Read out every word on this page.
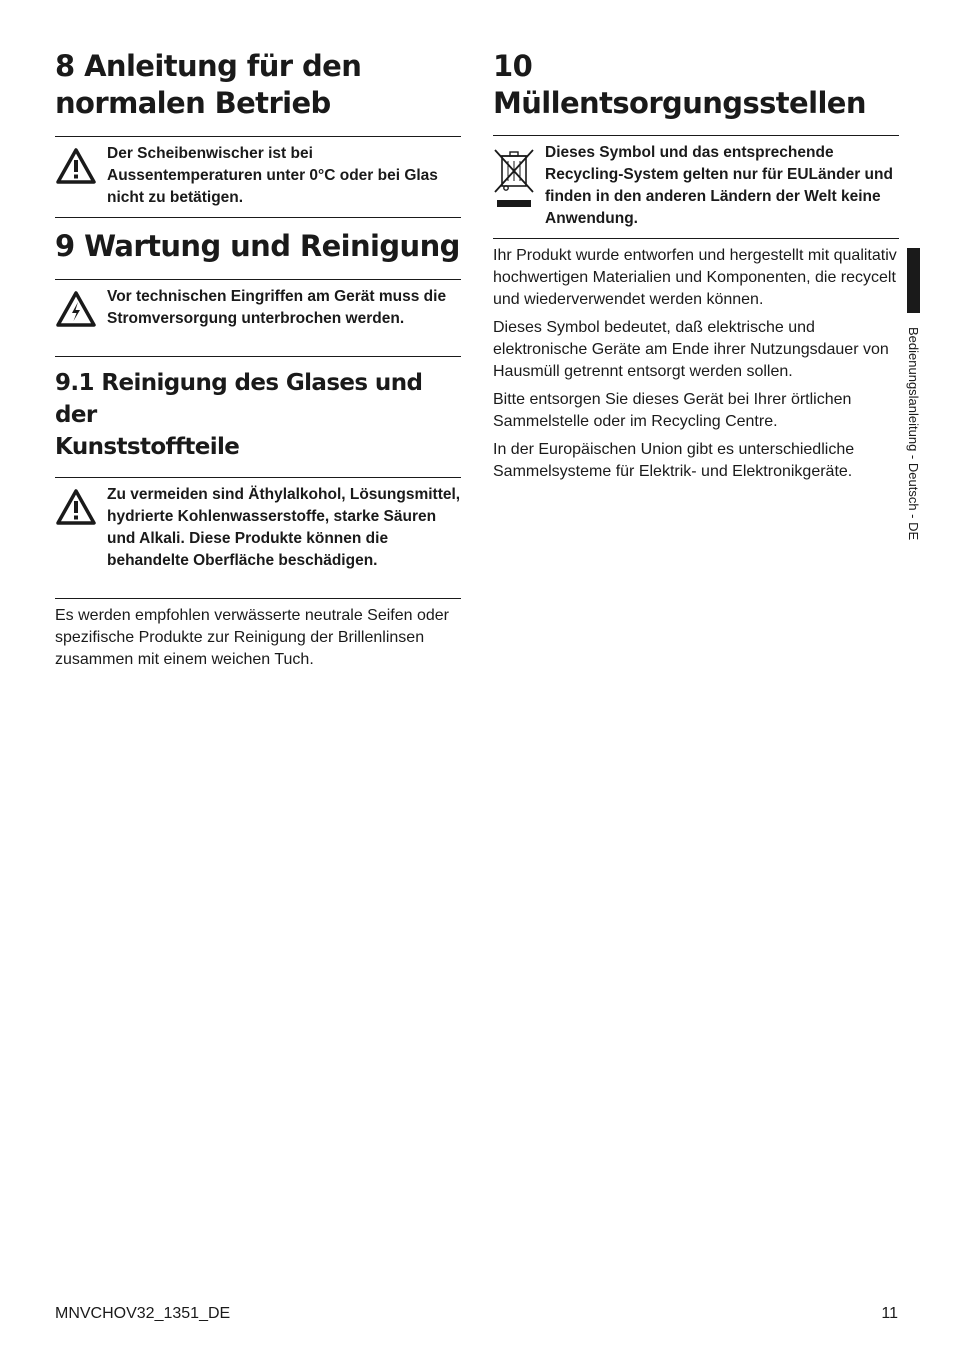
8 Anleitung für den
normalen Betrieb
Der Scheibenwischer ist bei Aussentemperaturen unter 0°C oder bei Glas nicht zu betätigen.
9 Wartung und Reinigung
Vor technischen Eingriffen am Gerät muss die Stromversorgung unterbrochen werden.
9.1 Reinigung des Glases und der
Kunststoffteile
Zu vermeiden sind Äthylalkohol, Lösungsmittel, hydrierte Kohlenwasserstoffe, starke Säuren und Alkali. Diese Produkte können die behandelte Oberfläche beschädigen.

Es werden empfohlen verwässerte neutrale Seifen oder spezifische Produkte zur Reinigung der Brillenlinsen zusammen mit einem weichen Tuch.

10 Müllentsorgungsstellen
Dieses Symbol und das entsprechende Recycling-System gelten nur für EULänder und finden in den anderen Ländern der Welt keine Anwendung.

Ihr Produkt wurde entworfen und hergestellt mit qualitativ hochwertigen Materialien und Komponenten, die recycelt und wiederverwendet werden können.

Dieses Symbol bedeutet, daß elektrische und elektronische Geräte am Ende ihrer Nutzungsdauer von Hausmüll getrennt entsorgt werden sollen.

Bitte entsorgen Sie dieses Gerät bei Ihrer örtlichen Sammelstelle oder im Recycling Centre.

In der Europäischen Union gibt es unterschiedliche Sammelsysteme für Elektrik- und Elektronikgeräte.	Bedienungslanleitung - Deutsch - DE
MNVCHOV32_1351_DE	11
